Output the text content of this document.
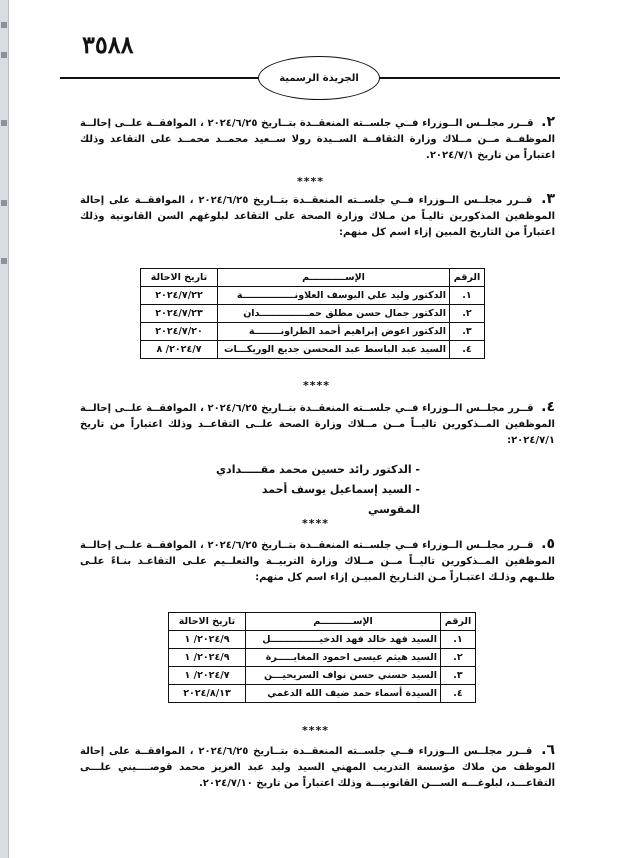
٣٥٨٨
الجريدة الرسمية
٢. قــرر مجلــس الــوزراء فــي جلســته المنعقــدة بتــاريخ ٢٠٢٤/٦/٢٥ ، الموافقــة علــى إحالــة الموظفــة مــن مــلاك وزارة الثقافــة الســيدة رولا ســعيد محمــد محمــد على التقاعد وذلك اعتباراً من تاريخ ٢٠٢٤/٧/١.
****
٣. قــرر مجلــس الــوزراء فــي جلســته المنعقــدة بتــاريخ ٢٠٢٤/٦/٢٥ ، الموافقــة على إحالة الموظفين المذكورين تاليـاً من مـلاك وزارة الصحة على التقاعد لبلوغهم السن القانونية وذلك اعتباراً من التاريخ المبين إزاء اسم كل منهم:
الرقم	الإســـــــــــم	تاريخ الاحالة
١.	الدكتور وليد علي اليوسف العلاونــــــــــــــــة	٢٠٢٤/٧/٢٢
٢.	الدكتور جمال حسن مطلق حمـــــــــــــــدان	٢٠٢٤/٧/٢٣
٣.	الدكتور اعوض إبراهيم أحمد الطراونــــــــة	٢٠٢٤/٧/٢٠
٤.	السيد عبد الباسط عبد المحسن جديع الوريكـــات	٢٠٢٤/٧/ ٨
****
٤. قــرر مجلــس الــوزراء فــي جلســته المنعقــدة بتــاريخ ٢٠٢٤/٦/٢٥ ، الموافقــة علــى إحالــة الموظفين المــذكورين تاليــاً مــن مــلاك وزارة الصحة علــى التقاعــد وذلك اعتباراً من تاريخ ٢٠٢٤/٧/١:
- الدكتور رائد حسين محمد مقـــــدادي
- السيد إسماعيل يوسف أحمد المقوسي
****
٥. قــرر مجلــس الــوزراء فــي جلســته المنعقــدة بتــاريخ ٢٠٢٤/٦/٢٥ ، الموافقــة علــى إحالــة الموظفين المــذكورين تاليــاً مــن مــلاك وزارة التربيــة والتعلــيم علـى التقاعـد بنـاءً علـى طلـبهم وذلـك اعتبـاراً مـن التـاريخ المبيـن إزاء اسم كل منهم:
الرقم	الإســــــــــم	تاريخ الاحالة
١.	السيد فهد خالد فهد الدخيـــــــــــــــل	٢٠٢٤/٩/ ١
٢.	السيد هيثم عيسى احمود المغايـــــرة	٢٠٢٤/٩/ ١
٣.	السيد حسني حسن نواف السريحيـــن	٢٠٢٤/٧/ ١
٤.	السيدة أسماء حمد ضيف الله الدغمي	٢٠٢٤/٨/١٣
****
٦. قــرر مجلــس الــوزراء فــي جلســته المنعقــدة بتــاريخ ٢٠٢٤/٦/٢٥ ، الموافقــة على إحالة الموظف من ملاك مؤسسة التدريب المهني السيد وليد عبد العزيز محمد قوصــــيني علـــى التقاعـــد، لبلوغـــه الســـن القانونيـــة وذلك اعتباراً من تاريخ ٢٠٢٤/٧/١٠.
